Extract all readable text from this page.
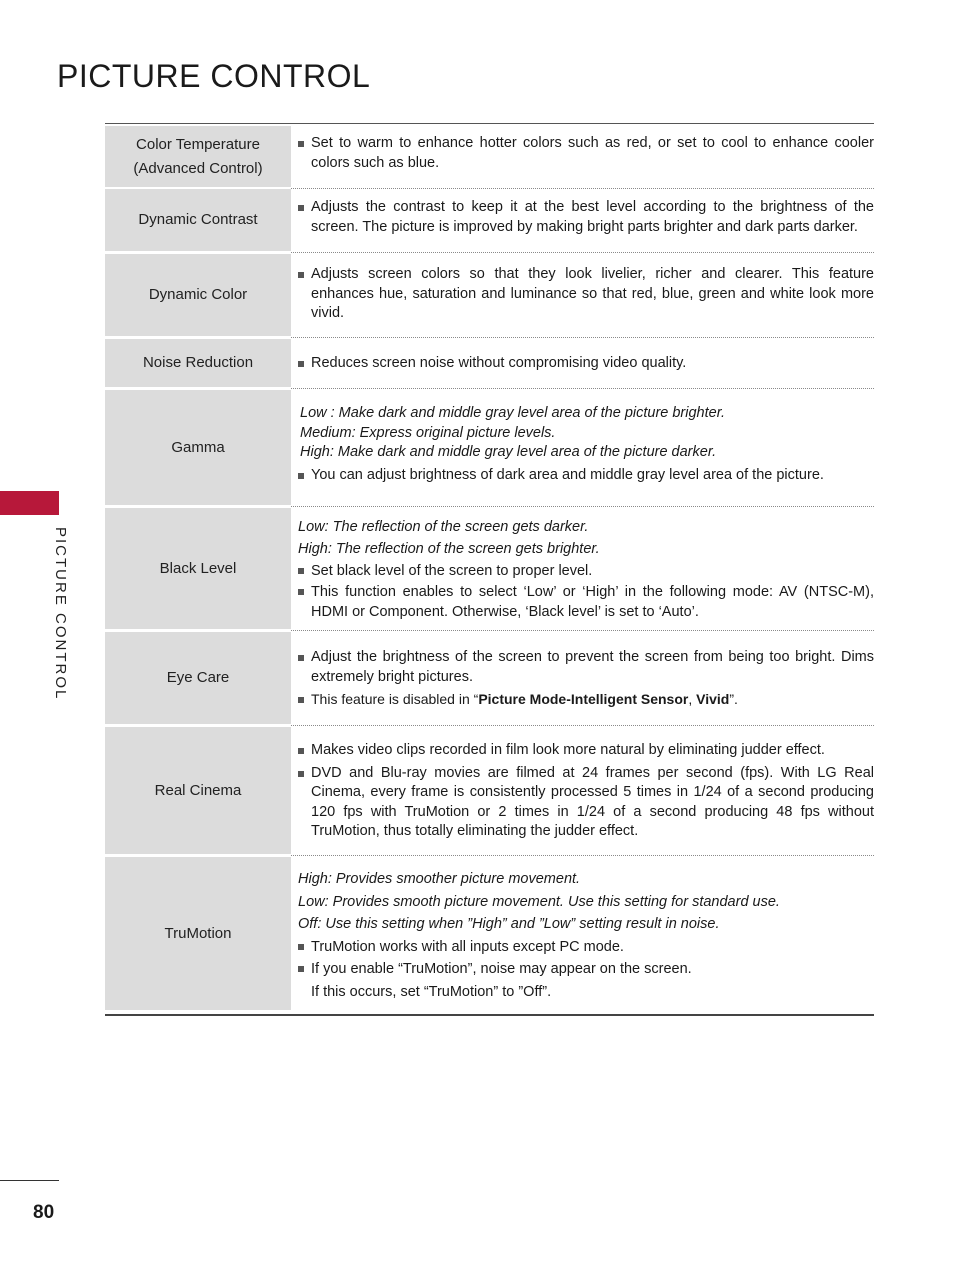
PICTURE CONTROL
PICTURE CONTROL
80
Color Temperature
(Advanced Control)
Set to warm to enhance hotter colors such as red, or set to cool to enhance cooler colors such as blue.
Dynamic Contrast
Adjusts the contrast to keep it at the best level according to the brightness of the screen. The picture is improved by making bright parts brighter and dark parts darker.
Dynamic Color
Adjusts screen colors so that they look livelier, richer and clearer. This feature enhances hue, saturation and luminance so that red, blue, green and white look more vivid.
Noise Reduction	Reduces screen noise without compromising video quality.
Gamma
Low : Make dark and middle gray level area of the picture brighter.
Medium: Express original picture levels.
High: Make dark and middle gray level area of the picture darker.
You can adjust brightness of dark area and middle gray level area of the picture.
Black Level
Low: The reflection of the screen gets darker.
High: The reflection of the screen gets brighter.
Set black level of the screen to proper level.
This function enables to select ‘Low’ or ‘High’ in the following mode: AV (NTSC-M), HDMI or Component. Otherwise, ‘Black level’ is set to ‘Auto’.
Eye Care
Adjust the brightness of the screen to prevent the screen from being too bright. Dims extremely bright pictures.
This feature is disabled in “Picture Mode-Intelligent Sensor, Vivid”.
Real Cinema
Makes video clips recorded in film look more natural by eliminating judder effect.
DVD and Blu-ray movies are filmed at 24 frames per second (fps). With LG Real Cinema, every frame is consistently processed 5 times in 1/24 of a second producing 120 fps with TruMotion or 2 times in 1/24 of a second producing 48 fps without TruMotion, thus totally eliminating the judder effect.
TruMotion
High: Provides smoother picture movement.
Low: Provides smooth picture movement. Use this setting for standard use.
Off: Use this setting when ”High” and ”Low” setting result in noise.
TruMotion works with all inputs except PC mode.
If you enable “TruMotion”, noise may appear on the screen.
If this occurs, set “TruMotion” to ”Off”.
